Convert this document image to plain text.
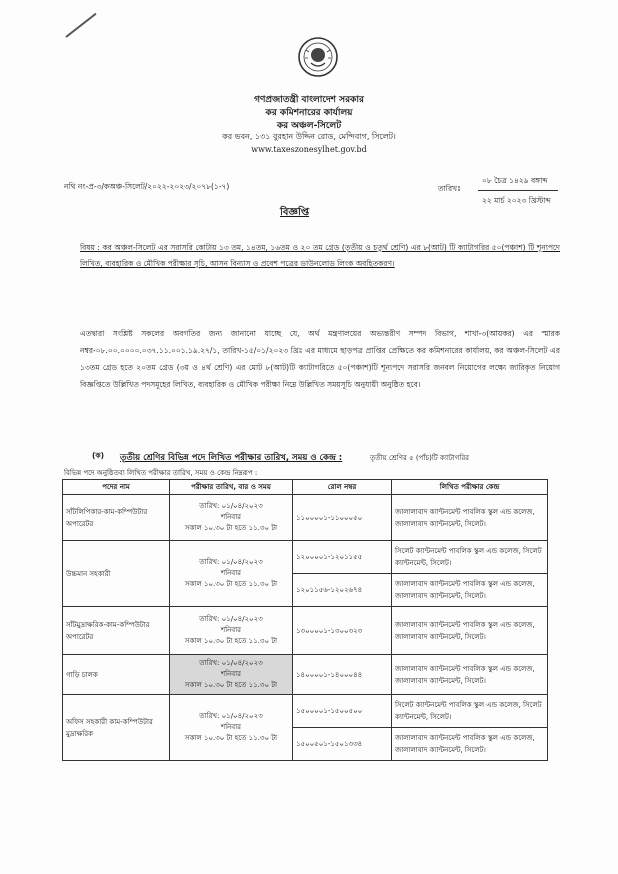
গণপ্রজাতন্ত্রী বাংলাদেশ সরকার
কর কমিশনারের কার্যালয়
কর অঞ্চল-সিলেট
কর ভবন, ১৩১ বুরহান উদ্দিন রোড, মেন্দিবাগ, সিলেট।
www.taxeszonesylhet.gov.bd
নথি নং-প্র-৩/কঅঞ্চ-সিলেট/২০২২-২০২৩/২০৭৮(১-৭)	তারিখঃ
০৮ চৈত্র ১৪২৯ বঙ্গাব্দ
২২ মার্চ ২০২৩ খ্রিস্টাব্দ
বিজ্ঞপ্তি
বিষয় : কর অঞ্চল-সিলেট এর সরাসরি কোটায় ১৩ তম, ১৪তম, ১৬তম ও ২০ তম গ্রেড (তৃতীয় ও চতুর্থ শ্রেণি) এর ৮(আট) টি ক্যাটাগরির ৫০(পঞ্চাশ) টি শূন্যপদে লিখিত, ব্যবহারিক ও মৌখিক পরীক্ষার সূচি, আসন বিন্যাস ও প্রবেশ পত্রের ডাউনলোড লিংক অবহিতকরণ।
এতদ্বারা সংশ্লিষ্ট সকলের অবগতির জন্য জানানো যাচ্ছে যে, অর্থ মন্ত্রণালয়ের অভ্যন্তরীণ সম্পদ বিভাগ, শাখা-৩(আয়কর) এর স্মারক নম্বর-০৮.০০.০০০০.০৩৭.১১.০০১.১৯.২৭/১, তারিখ-১৫/০১/২০২৩ খ্রিঃ এর মাধ্যমে ছাড়পত্র প্রাপ্তির প্রেক্ষিতে কর কমিশনারের কার্যালয়, কর অঞ্চল-সিলেট এর ১৩তম গ্রেড হতে ২০তম গ্রেড (৩য় ও ৪র্থ শ্রেণি) এর মোট ৮(আট)টি ক্যাটাগরিতে ৫০(পঞ্চাশ)টি শূন্যপদে সরাসরি জনবল নিয়োগের লক্ষ্যে জারিকৃত নিয়োগ বিজ্ঞপ্তিতে উল্লিখিত পদসমূহের লিখিত, ব্যবহারিক ও মৌখিক পরীক্ষা নিম্নে উল্লিখিত সময়সূচি অনুযায়ী অনুষ্ঠিত হবে।
(ক) তৃতীয় শ্রেণির বিভিন্ন পদে লিখিত পরীক্ষার তারিখ, সময় ও কেন্দ্র :	তৃতীয় শ্রেণির ৫ (পাঁচ)টি ক্যাটাগরির
বিভিন্ন পদে অনুষ্ঠিতব্য লিখিত পরীক্ষার তারিখ, সময় ও কেন্দ্র নিম্নরূপ :
পদের নাম	পরীক্ষার তারিখ, বার ও সময়	রোল নম্বর	লিখিত পরীক্ষার কেন্দ্র
সাঁটলিপিকার-কাম-কম্পিউটার অপারেটর	তারিখ: ০১/০৪/২০২৩
শনিবার
সকাল ১০.৩০ টা হতে ১১.৩০ টা	১১০০০০১-১১০০০৫০	জালালাবাদ ক্যান্টনমেন্ট পাবলিক স্কুল এন্ড কলেজ, জালালাবাদ ক্যান্টনমেন্ট, সিলেট।
উচ্চমান সহকারী	তারিখ: ০১/০৪/২০২৩
শনিবার
সকাল ১০.৩০ টা হতে ১১.৩০ টা	১২০০০০১-১২০১১৫৫	সিলেট ক্যান্টনমেন্ট পাবলিক স্কুল এন্ড কলেজ, সিলেট ক্যান্টনমেন্ট, সিলেট।
		১২০১১৫৬-১২০২৬৭৪	জালালাবাদ ক্যান্টনমেন্ট পাবলিক স্কুল এন্ড কলেজ, জালালাবাদ ক্যান্টনমেন্ট, সিলেট।
সাঁটমুদ্রাক্ষরিক-কাম-কম্পিউটার অপারেটর	তারিখ: ০১/০৪/২০২৩
শনিবার
সকাল ১০.৩০ টা হতে ১১.৩০ টা	১৩০০০০১-১৩০০৩২৩	জালালাবাদ ক্যান্টনমেন্ট পাবলিক স্কুল এন্ড কলেজ, জালালাবাদ ক্যান্টনমেন্ট, সিলেট।
গাড়ি চালক	তারিখ: ০১/০৪/২০২৩
শনিবার
সকাল ১০.৩০ টা হতে ১১.৩০ টা	১৪০০০০১-১৪০০০৪৪	জালালাবাদ ক্যান্টনমেন্ট পাবলিক স্কুল এন্ড কলেজ, জালালাবাদ ক্যান্টনমেন্ট, সিলেট।
অফিস সহকারী কাম-কম্পিউটার মুদ্রাক্ষরিক	তারিখ: ০১/০৪/২০২৩
শনিবার
সকাল ১০.৩০ টা হতে ১১.৩০ টা	১৫০০০০১-১৫০০৫০০	সিলেট ক্যান্টনমেন্ট পাবলিক স্কুল এন্ড কলেজ, সিলেট ক্যান্টনমেন্ট, সিলেট।
		১৫০০৫০১-১৫০১৩৩৪	জালালাবাদ ক্যান্টনমেন্ট পাবলিক স্কুল এন্ড কলেজ, জালালাবাদ ক্যান্টনমেন্ট, সিলেট।
